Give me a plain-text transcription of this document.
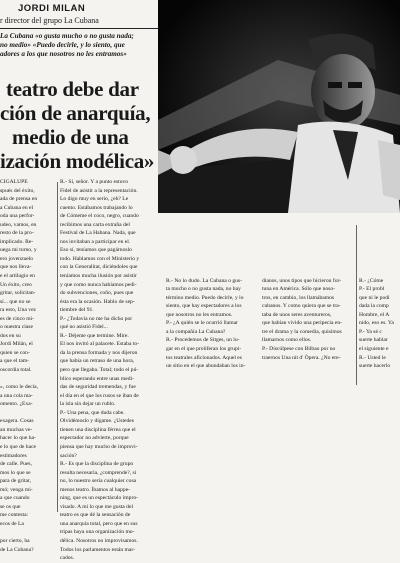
JORDI MILAN
r director del grupo La Cubana
La Cubana «o gusta mucho o no gusta nada;
no medio» «Puedo decirle, y lo siento, que
adores a los que nosotros no les entramos»
teatro debe dar
ción de anarquía,
medio de una
ización modélica»
CIGALUPE
spués del éxito,
ada de prensa en
a Cubana en el
oda una perfor-
udeo, vamos, en
resto de la pro-
implicado. Re-
uega mi turno, y
ero jovenzuelo
que nos lleva-
e el artilugio en
Un éxito, creo
gritar, solicitan-
sí... que no se
ra esto, Una vez
es de cinco mi-
o nuestra clase
dos en su
Jordi Milán, el
quien se con-
a que el tam-
oscordia total.

», como le decía,
a una cola ma-
omento. ¿Exa-

exagera. Cosas
an muchas ve-
hacer lo que ha-
e lo que de hace
estimadores
de calle. Pues,
mos lo que se
para de gritar,
mó; venga mi-
a que cuando
se os que
me contesta:
ecos de La

por cierto, ha
de La Cubana?
R.- Sí, señor. Y a punto estuvo
Fidel de asistir a la representación.
Lo digo muy en serio, ¿eh? Le
cuento. Estábamos trabajando lo
de Cómeme el coco, negro, cuando
recibimos una carta extraña del
Festival de La Habana. Nada, que
nos invitaban a participar en el.
Eso sí, teníamos que pagárnoslo
todo. Hablamos con el Ministerio y
con la Generalitat, diciéndoles que
teníamos mucha ilusión por asistir
y que como nunca habíamos pedi-
do subvenciones, coño, pues que
ésta era la ocasión. Hablo de sep-
tiembre del 91.
P.- ¿Todavía no me ha dicho por
qué no asistió Fidel...
R.- Déjeme que termine. Mire.
El nos invitó al palacete. Estaba to-
da la prensa formada y nos dijeron
que había un retraso de una hora,
pero que llegaba. Total; todo el pú-
blico esperando entre unas medi-
das de seguridad tremendas, y fue
el día en el que los rusos se iban de
la isla sin dejar un rublo.
P.- Una pena, que duda cabe.
Olvidémoslo y dígame. ¿Ustedes
tienen una disciplina férrea que el
espectador no advierte, porque
piensa que hay mucho de improvi-
sación?
R.- Es que la disciplina de grupo
resulta necesaria, ¿comprende?, si
no, lo nuestro sería cualquier cosa
menos teatro. Íbamos al happe-
ning, que es un espectáculo impro-
visado. A mí lo que me gusta del
teatro es que dé la sensación de
una anarquía total, pero que en sus
tripas haya una organización mo-
délica. Nosotros no improvisamos.
Todos los parlamentos están mar-
cados.

R.- No lo dudo. La Cubana o gus-
ta mucho o no gusta nada, no hay
término medio. Puedo decirle, y lo
siento, que hay espectadores a los
que nosotros no les entramos.
P.- ¿A quién se le ocurrió llamar
a la compañía La Cubana?
R.- Procedemos de Sitges, un lu-
gar en el que proliferan los grupi-
tos teatrales aficionados. Aquel es
un sitio en el que abundaban los in-

dianos, unos tipos que hicieron for-
tuna en América. Sólo que noso-
tros, en cambio, los llamábamos
cubanos. Y como quiera que se tra-
taba de unos seres aventureros,
que habían vivido una peripecia en-
tre el drama y la comedia, quisimos
llamarnos como ellos.
P.- Díscúlpese con Bilbao por no
traernos Una nit d' Òpera. ¿No ere-

R.- ¿Cóme
P.- El probl
que ni le podi
dada la comp
Hombre, el A
nido, eso es. Ya
P.- Ya sé c
suerte hablar
el siguiente e
R.- Usted le
suerte hacerlo
